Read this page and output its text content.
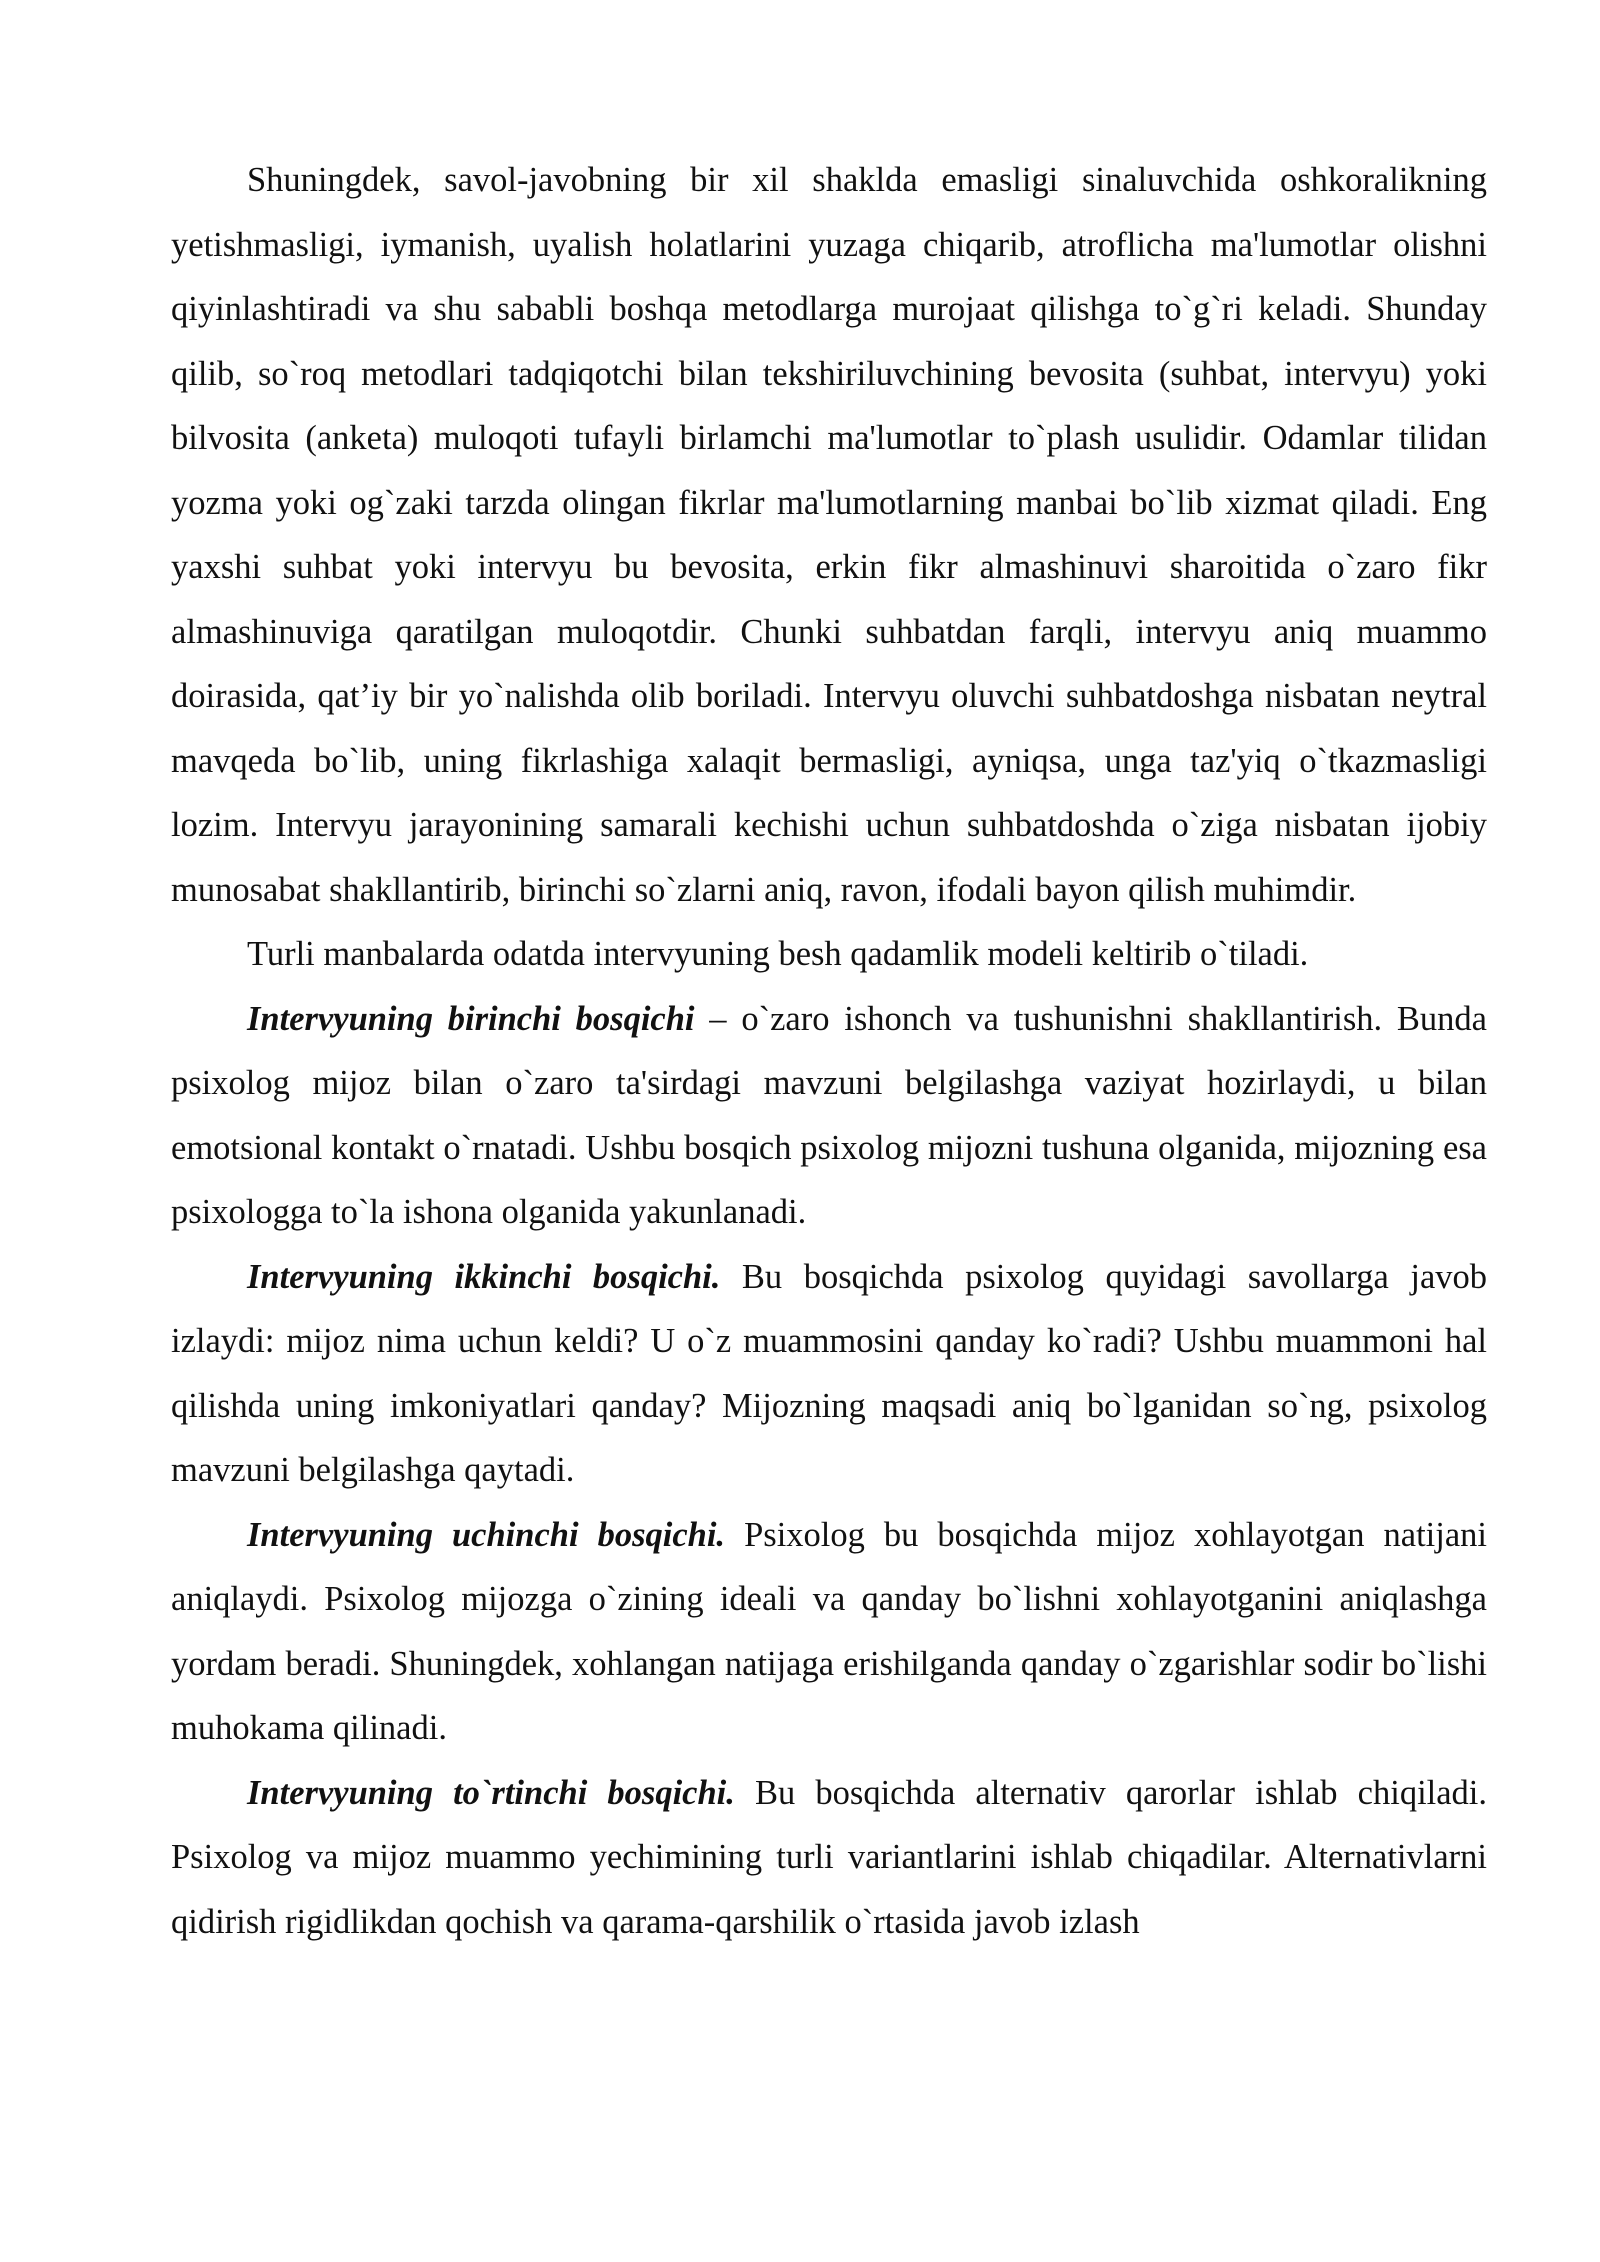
Shuningdek, savol-javobning bir xil shaklda emasligi sinaluvchida oshkoralikning yetishmasligi, iymanish, uyalish holatlarini yuzaga chiqarib, atroflicha ma'lumotlar olishni qiyinlashtiradi va shu sababli boshqa metodlarga murojaat qilishga to`g`ri keladi. Shunday qilib, so`roq metodlari tadqiqotchi bilan tekshiriluvchining bevosita (suhbat, intervyu) yoki bilvosita (anketa) muloqoti tufayli birlamchi ma'lumotlar to`plash usulidir. Odamlar tilidan yozma yoki og`zaki tarzda olingan fikrlar ma'lumotlarning manbai bo`lib xizmat qiladi. Eng yaxshi suhbat yoki intervyu bu bevosita, erkin fikr almashinuvi sharoitida o`zaro fikr almashinuviga qaratilgan muloqotdir. Chunki suhbatdan farqli, intervyu aniq muammo doirasida, qat’iy bir yo`nalishda olib boriladi. Intervyu oluvchi suhbatdoshga nisbatan neytral mavqeda bo`lib, uning fikrlashiga xalaqit bermasligi, ayniqsa, unga taz'yiq o`tkazmasligi lozim. Intervyu jarayonining samarali kechishi uchun suhbatdoshda o`ziga nisbatan ijobiy munosabat shakllantirib, birinchi so`zlarni aniq, ravon, ifodali bayon qilish muhimdir.

Turli manbalarda odatda intervyuning besh qadamlik modeli keltirib o`tiladi.

Intervyuning birinchi bosqichi – o`zaro ishonch va tushunishni shakllantirish. Bunda psixolog mijoz bilan o`zaro ta'sirdagi mavzuni belgilashga vaziyat hozirlaydi, u bilan emotsional kontakt o`rnatadi. Ushbu bosqich psixolog mijozni tushuna olganida, mijozning esa psixologga to`la ishona olganida yakunlanadi.

Intervyuning ikkinchi bosqichi. Bu bosqichda psixolog quyidagi savollarga javob izlaydi: mijoz nima uchun keldi? U o`z muammosini qanday ko`radi? Ushbu muammoni hal qilishda uning imkoniyatlari qanday? Mijozning maqsadi aniq bo`lganidan so`ng, psixolog mavzuni belgilashga qaytadi.

Intervyuning uchinchi bosqichi. Psixolog bu bosqichda mijoz xohlayotgan natijani aniqlaydi. Psixolog mijozga o`zining ideali va qanday bo`lishni xohlayotganini aniqlashga yordam beradi. Shuningdek, xohlangan natijaga erishilganda qanday o`zgarishlar sodir bo`lishi muhokama qilinadi.

Intervyuning to`rtinchi bosqichi. Bu bosqichda alternativ qarorlar ishlab chiqiladi. Psixolog va mijoz muammo yechimining turli variantlarini ishlab chiqadilar. Alternativlarni qidirish rigidlikdan qochish va qarama-qarshilik o`rtasida javob izlash
